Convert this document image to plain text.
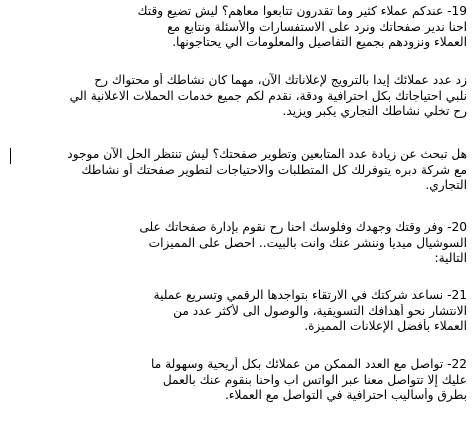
19- عندكم عملاء كثير وما تقدرون تتابعوا معاهم؟ ليش تضيع وقتك
احنا ندير صفحاتك ونرد على الاستفسارات والأسئلة ونتابع مع
العملاء ونزودهم بجميع التفاصيل والمعلومات الي يحتاجونها.
زد عدد عملائك إيدا بالترويج لإعلاناتك الآن، مهما كان نشاطك أو محتواك رح
نلبي احتياجاتك بكل احترافية ودقة، نقدم لكم جميع خدمات الحملات الاعلانية الي
رح تخلي نشاطك التجاري يكبر ويزيد.
هل تبحث عن زيادة عدد المتابعين وتطوير صفحتك؟ ليش تنتظر الحل الآن موجود
مع شركة دبره يتوفرلك كل المتطلبات والاحتياجات لتطوير صفحتك أو نشاطك
التجاري.
20- وفر وقتك وجهدك وفلوسك احنا رح نقوم بإدارة صفحاتك على
السوشيال ميديا وننشر عنك وانت بالبيت.. احصل على المميزات
التالية:
21- نساعد شركتك في الارتقاء بتواجدها الرقمي وتسريع عملية
الانتشار نحو أهدافك التسويقية، والوصول الى لأكثر عدد من
العملاء بأفضل الإعلانات المميزة.
22- تواصل مع العدد الممكن من عملائك بكل أريحية وسهولة ما
عليك إلا تتواصل معنا عبر الواتس اب واحنا بنقوم عنك بالعمل
بطرق وأساليب احترافية في التواصل مع العملاء.
